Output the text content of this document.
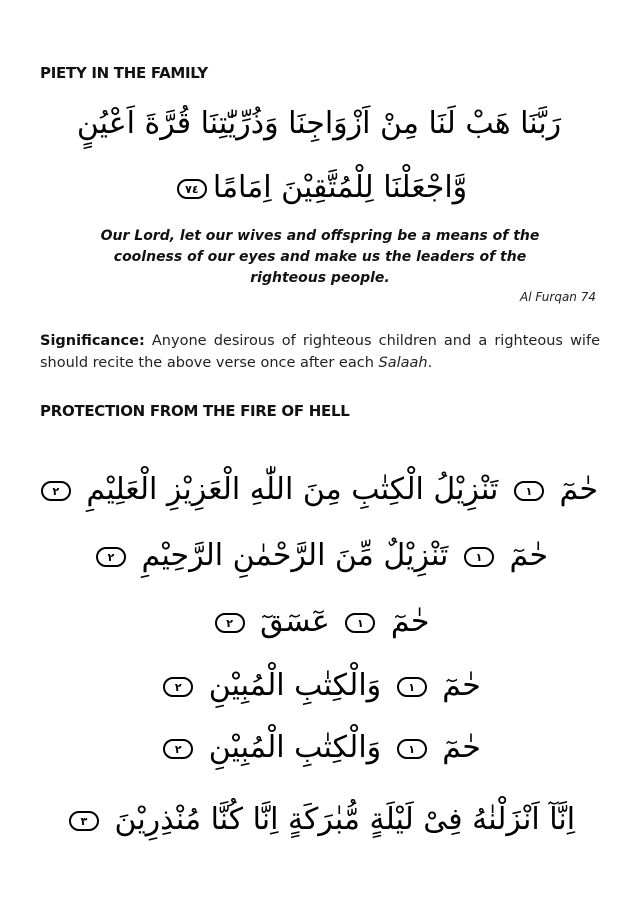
PIETY IN THE FAMILY
رَبَّنَا هَبْ لَنَا مِنْ اَزْوَاجِنَا وَذُرِّيّٰتِنَا قُرَّةَ اَعْيُنٍ
وَّاجْعَلْنَا لِلْمُتَّقِيْنَ اِمَامًا٧٤

Our Lord, let our wives and offspring be a means of the coolness of our eyes and make us the leaders of the righteous people.

Al Furqan 74

Significance: Anyone desirous of righteous children and a righteous wife should recite the above verse once after each Salaah.

PROTECTION FROM THE FIRE OF HELL
حٰمٓ ١ تَنْزِيْلُ الْكِتٰبِ مِنَ اللّٰهِ الْعَزِيْزِ الْعَلِيْمِ ٢
حٰمٓ ١ تَنْزِيْلٌ مِّنَ الرَّحْمٰنِ الرَّحِيْمِ ٢
حٰمٓ ١ عٓسٓقٓ ٢
حٰمٓ ١ وَالْكِتٰبِ الْمُبِيْنِ ٢
حٰمٓ ١ وَالْكِتٰبِ الْمُبِيْنِ ٢
اِنَّآ اَنْزَلْنٰهُ فِىْ لَيْلَةٍ مُّبٰرَكَةٍ اِنَّا كُنَّا مُنْذِرِيْنَ ٣
